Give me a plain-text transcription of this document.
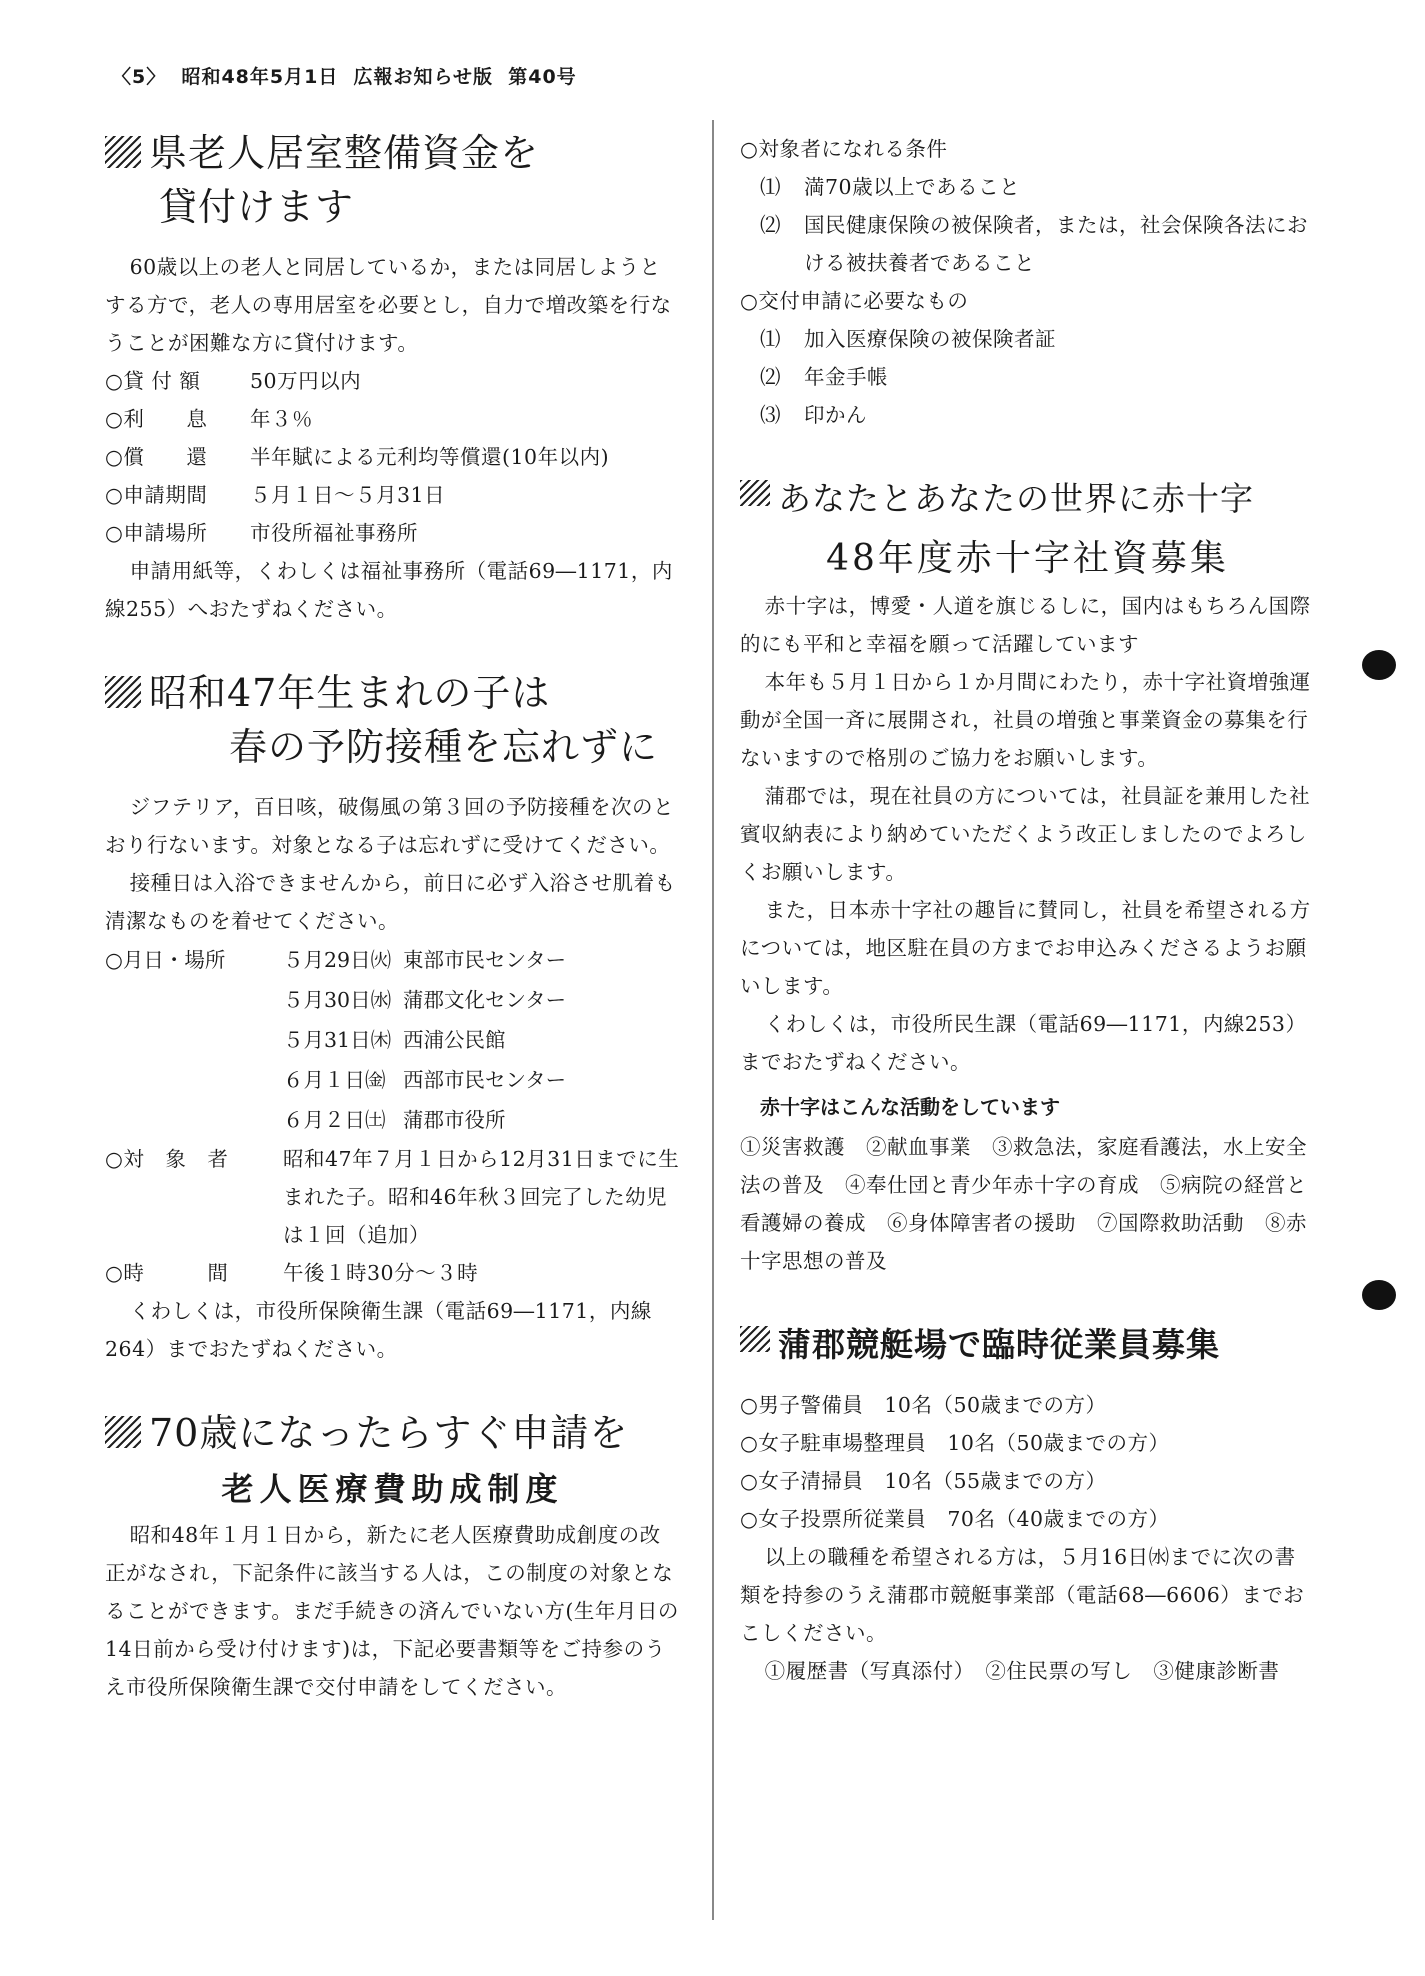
〈5〉  昭和48年5月1日  広報お知らせ版  第40号
県老人居室整備資金を
貸付けます

60歳以上の老人と同居しているか，または同居しようとする方で，老人の専用居室を必要とし，自力で増改築を行なうことが困難な方に貸付けます。

○貸 付 額	50万円以内
○利　　息	年３％
○償　　還	半年賦による元利均等償還(10年以内)
○申請期間	５月１日～５月31日
○申請場所	市役所福祉事務所

申請用紙等，くわしくは福祉事務所（電話69―1171，内線255）へおたずねください。

昭和47年生まれの子は
春の予防接種を忘れずに

ジフテリア，百日咳，破傷風の第３回の予防接種を次のとおり行ないます。対象となる子は忘れずに受けてください。

接種日は入浴できませんから，前日に必ず入浴させ肌着も清潔なものを着せてください。

○月日・場所	５月29日㈫ 東部市民センター
５月30日㈬ 蒲郡文化センター
５月31日㈭ 西浦公民館
６月１日㈮ 西部市民センター
６月２日㈯ 蒲郡市役所
○対　象　者	昭和47年７月１日から12月31日までに生まれた子。昭和46年秋３回完了した幼児は１回（追加）
○時　　　間	午後１時30分～３時

くわしくは，市役所保険衛生課（電話69―1171，内線264）までおたずねください。

70歳になったらすぐ申請を
老人医療費助成制度

昭和48年１月１日から，新たに老人医療費助成創度の改正がなされ，下記条件に該当する人は，この制度の対象となることができます。まだ手続きの済んでいない方(生年月日の14日前から受け付けます)は，下記必要書類等をご持参のうえ市役所保険衛生課で交付申請をしてください。

○対象者になれる条件
⑴	満70歳以上であること
⑵	国民健康保険の被保険者，または，社会保険各法における被扶養者であること
○交付申請に必要なもの
⑴	加入医療保険の被保険者証
⑵	年金手帳
⑶	印かん
あなたとあなたの世界に赤十字
48年度赤十字社資募集

赤十字は，博愛・人道を旗じるしに，国内はもちろん国際的にも平和と幸福を願って活躍しています

本年も５月１日から１か月間にわたり，赤十字社資増強運動が全国一斉に展開され，社員の増強と事業資金の募集を行ないますので格別のご協力をお願いします。

蒲郡では，現在社員の方については，社員証を兼用した社賓収納表により納めていただくよう改正しましたのでよろしくお願いします。

また，日本赤十字社の趣旨に賛同し，社員を希望される方については，地区駐在員の方までお申込みくださるようお願いします。

くわしくは，市役所民生課（電話69―1171，内線253）までおたずねください。

赤十字はこんな活動をしています

①災害救護　②献血事業　③救急法，家庭看護法，水上安全法の普及　④奉仕団と青少年赤十字の育成　⑤病院の経営と看護婦の養成　⑥身体障害者の援助　⑦国際救助活動　⑧赤十字思想の普及

蒲郡競艇場で臨時従業員募集
○男子警備員　10名（50歳までの方）
○女子駐車場整理員　10名（50歳までの方）
○女子清掃員　10名（55歳までの方）
○女子投票所従業員　70名（40歳までの方）

以上の職種を希望される方は，５月16日㈬までに次の書類を持参のうえ蒲郡市競艇事業部（電話68―6606）までおこしください。

①履歴書（写真添付）　②住民票の写し　③健康診断書
